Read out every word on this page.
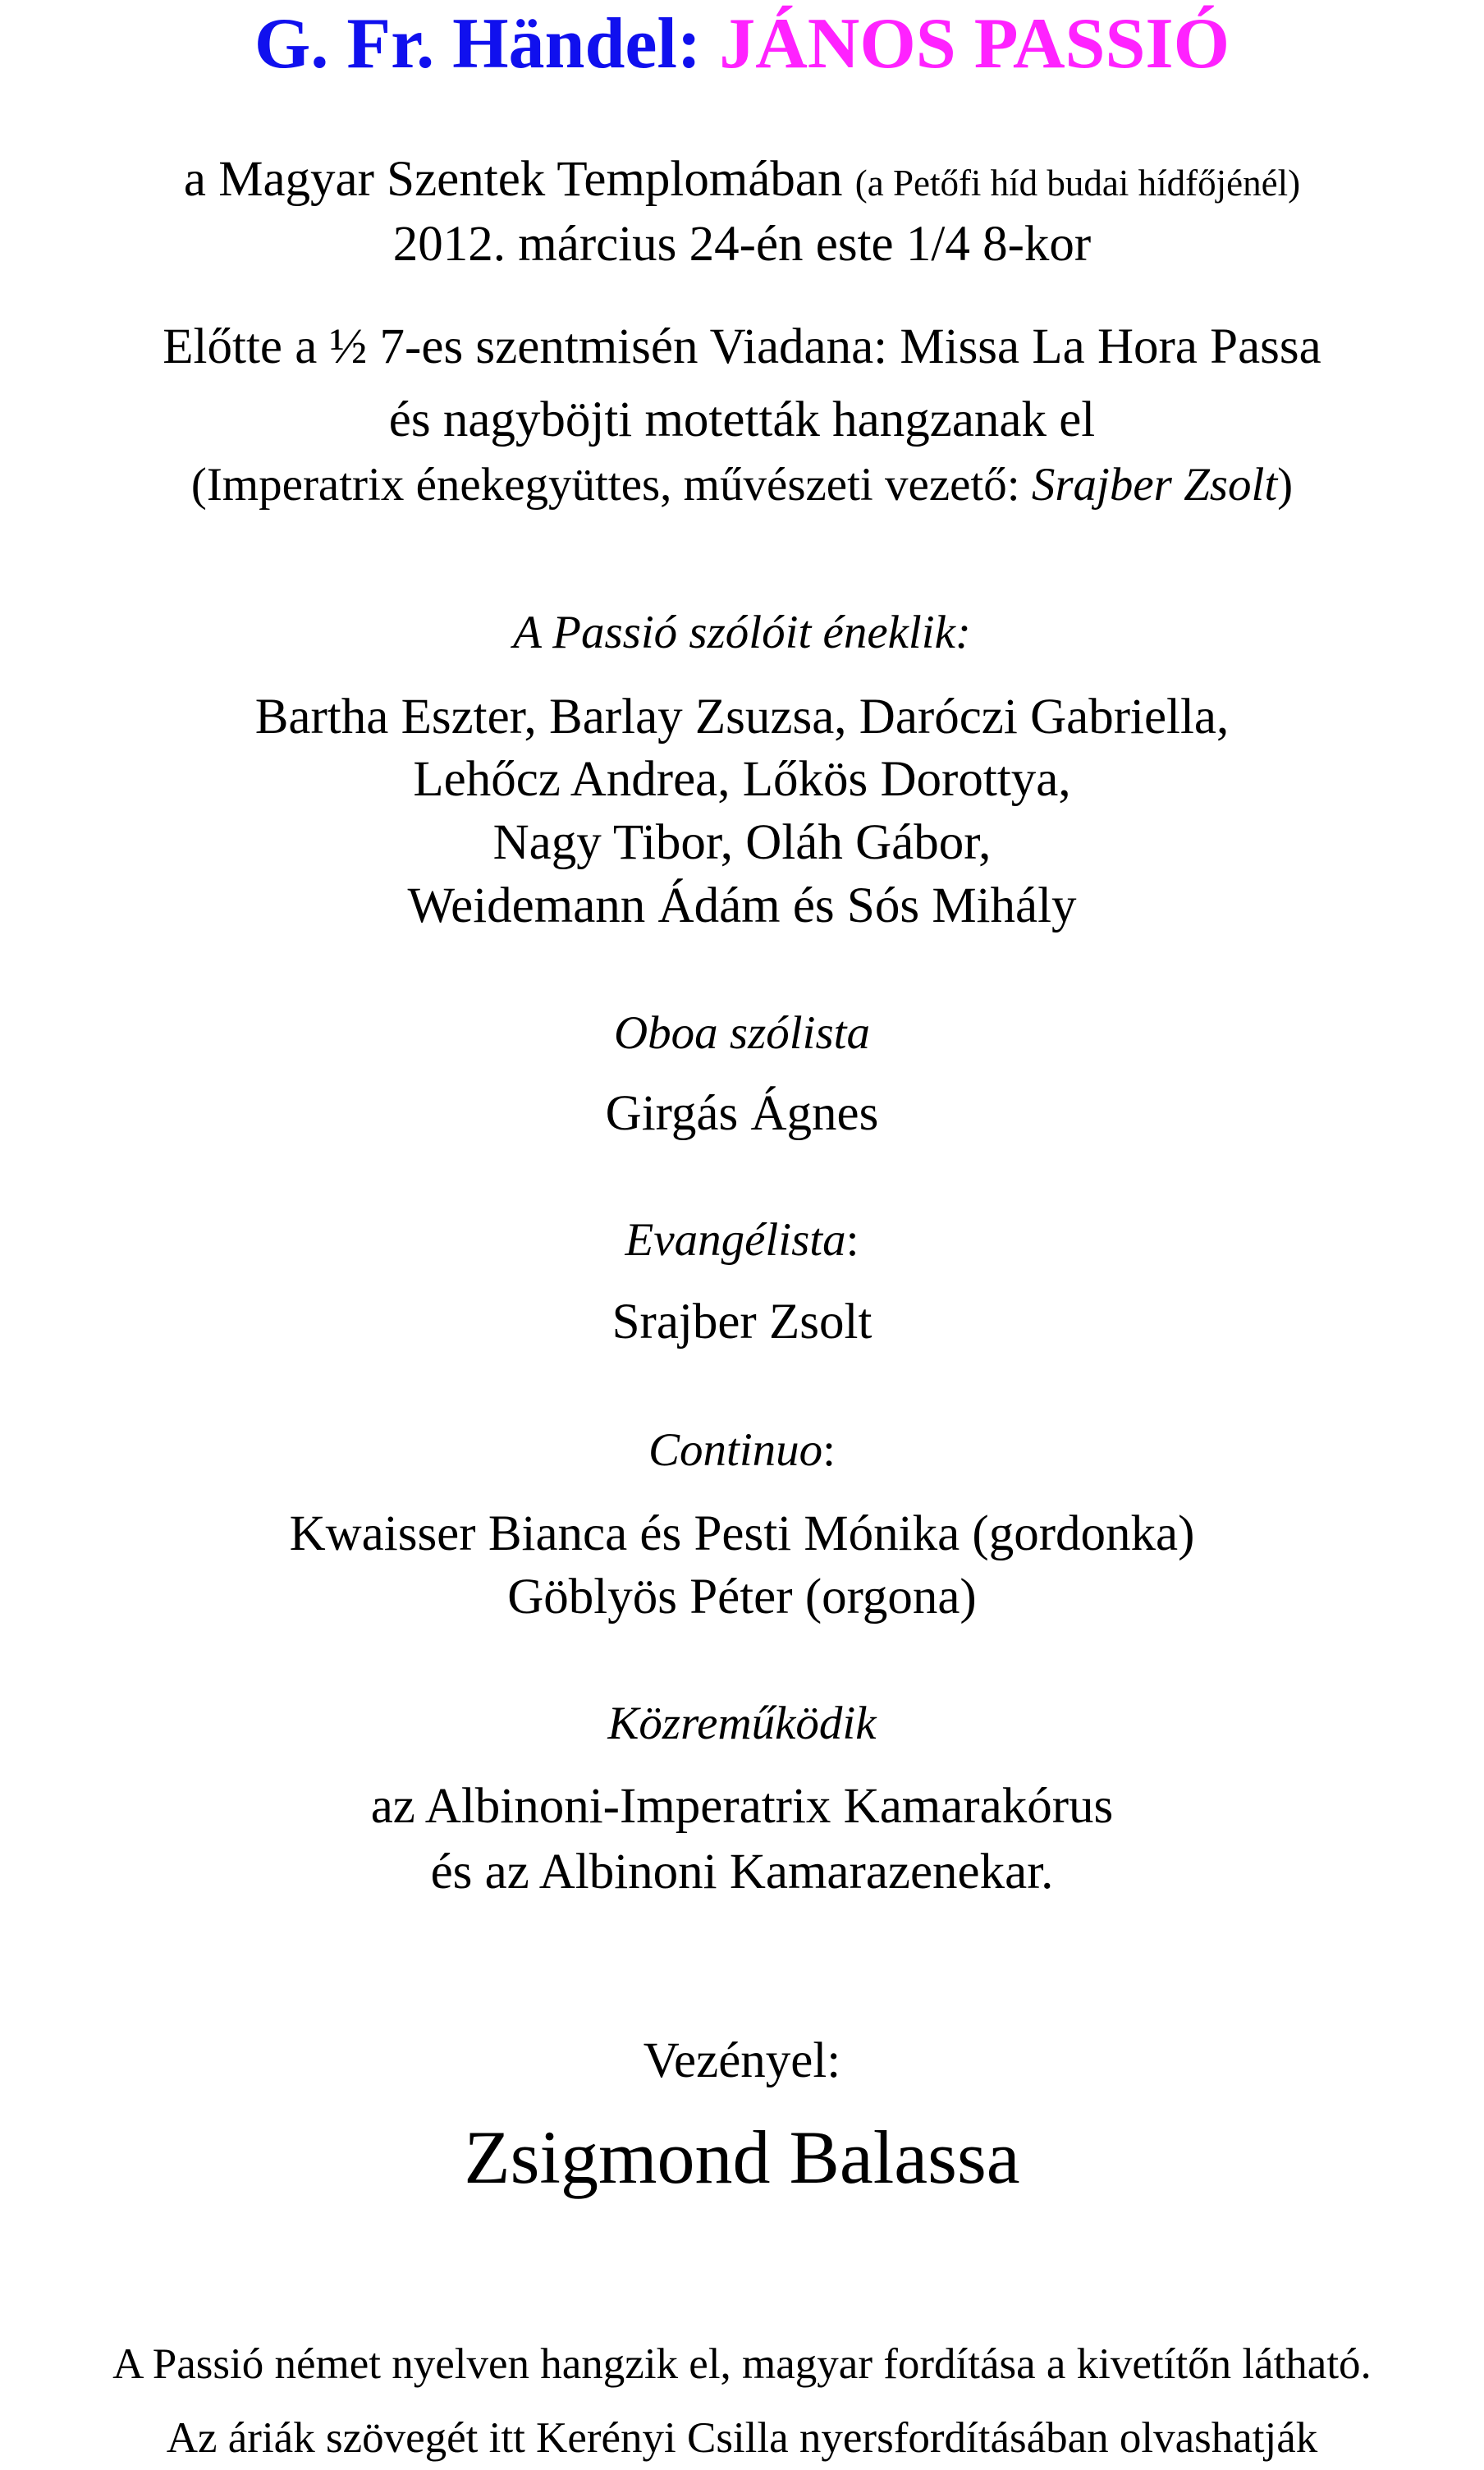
G. Fr. Händel: JÁNOS PASSIÓ
a Magyar Szentek Templomában (a Petőfi híd budai hídfőjénél)
2012. március 24-én este 1/4 8-kor
Előtte a ½ 7-es szentmisén Viadana: Missa La Hora Passa
és nagyböjti motetták hangzanak el
(Imperatrix énekegyüttes, művészeti vezető: Srajber Zsolt)
A Passió szólóit éneklik:
Bartha Eszter, Barlay Zsuzsa, Daróczi Gabriella,
Lehőcz Andrea, Lőkös Dorottya,
Nagy Tibor, Oláh Gábor,
Weidemann Ádám és Sós Mihály
Oboa szólista
Girgás Ágnes
Evangélista:
Srajber Zsolt
Continuo:
Kwaisser Bianca és Pesti Mónika (gordonka)
Göblyös Péter (orgona)
Közreműködik
az Albinoni-Imperatrix Kamarakórus
és az Albinoni Kamarazenekar.
Vezényel:
Zsigmond Balassa
A Passió német nyelven hangzik el, magyar fordítása a kivetítőn látható.
Az áriák szövegét itt Kerényi Csilla nyersfordításában olvashatják
